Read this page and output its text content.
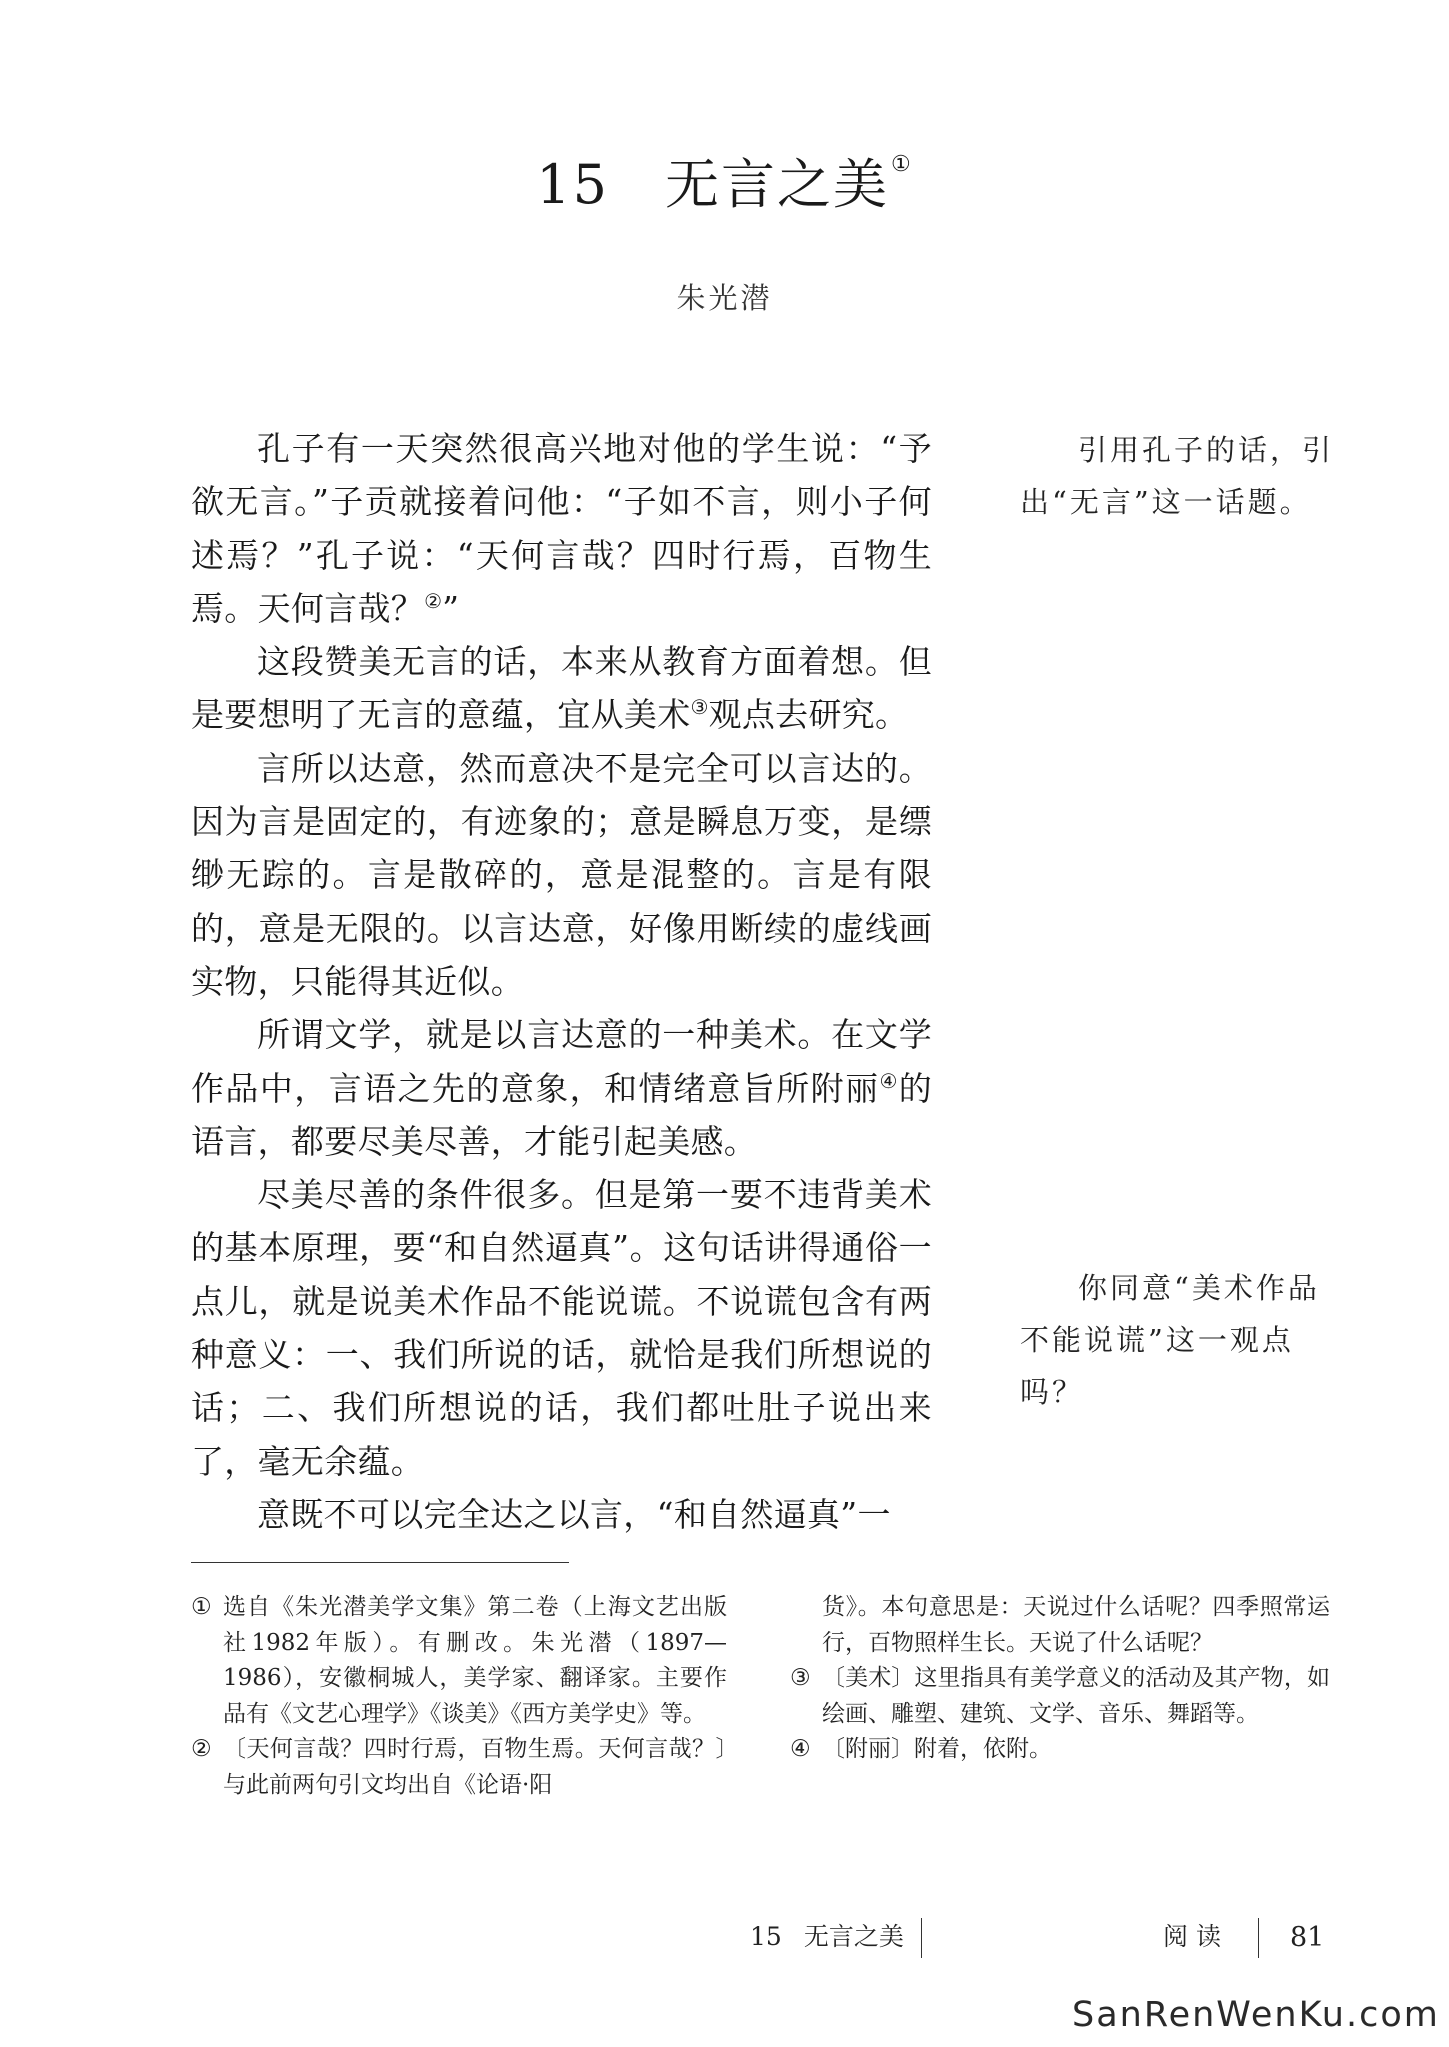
15 无言之美①
朱光潜

孔子有一天突然很高兴地对他的学生说：“予欲无言。”子贡就接着问他：“子如不言，则小子何述焉？”孔子说：“天何言哉？四时行焉，百物生焉。天何言哉？②”

这段赞美无言的话，本来从教育方面着想。但是要想明了无言的意蕴，宜从美术③观点去研究。

言所以达意，然而意决不是完全可以言达的。因为言是固定的，有迹象的；意是瞬息万变，是缥缈无踪的。言是散碎的，意是混整的。言是有限的，意是无限的。以言达意，好像用断续的虚线画实物，只能得其近似。

所谓文学，就是以言达意的一种美术。在文学作品中，言语之先的意象，和情绪意旨所附丽④的语言，都要尽美尽善，才能引起美感。

尽美尽善的条件很多。但是第一要不违背美术的基本原理，要“和自然逼真”。这句话讲得通俗一点儿，就是说美术作品不能说谎。不说谎包含有两种意义：一、我们所说的话，就恰是我们所想说的话；二、我们所想说的话，我们都吐肚子说出来了，毫无余蕴。

意既不可以完全达之以言，“和自然逼真”一

引用孔子的话，引出“无言”这一话题。

你同意“美术作品不能说谎”这一观点吗？

① 选自《朱光潜美学文集》第二卷（上海文艺出版社1982年版）。有删改。朱光潜（1897—1986），安徽桐城人，美学家、翻译家。主要作品有《文艺心理学》《谈美》《西方美学史》等。
② 〔天何言哉？四时行焉，百物生焉。天何言哉？〕与此前两句引文均出自《论语·阳
货》。本句意思是：天说过什么话呢？四季照常运行，百物照样生长。天说了什么话呢？
③ 〔美术〕这里指具有美学意义的活动及其产物，如绘画、雕塑、建筑、文学、音乐、舞蹈等。
④ 〔附丽〕附着，依附。
15 无言之美	阅读 81
SanRenWenKu.com
